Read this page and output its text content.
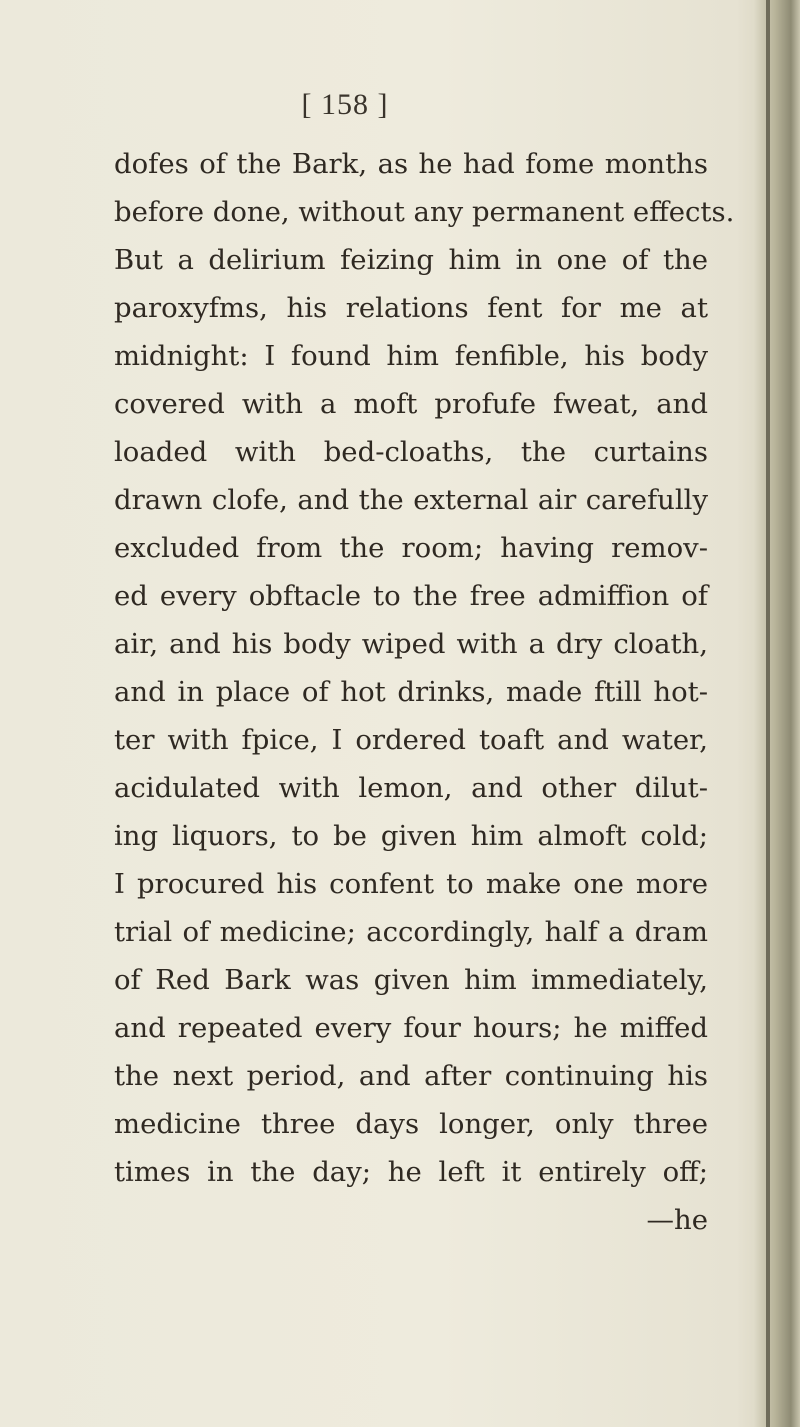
[ 158 ]
dofes of the Bark, as he had fome months
before done, without any permanent effects.
But a delirium feizing him in one of the
paroxyfms, his relations fent for me at
midnight: I found him fenfible, his body
covered with a moft profufe fweat, and
loaded with bed-cloaths, the curtains
drawn clofe, and the external air carefully
excluded from the room; having remov-
ed every obftacle to the free admiffion of
air, and his body wiped with a dry cloath,
and in place of hot drinks, made ftill hot-
ter with fpice, I ordered toaft and water,
acidulated with lemon, and other dilut-
ing liquors, to be given him almoft cold;
I procured his confent to make one more
trial of medicine; accordingly, half a dram
of Red Bark was given him immediately,
and repeated every four hours; he miffed
the next period, and after continuing his
medicine three days longer, only three
times in the day; he left it entirely off;
—he
